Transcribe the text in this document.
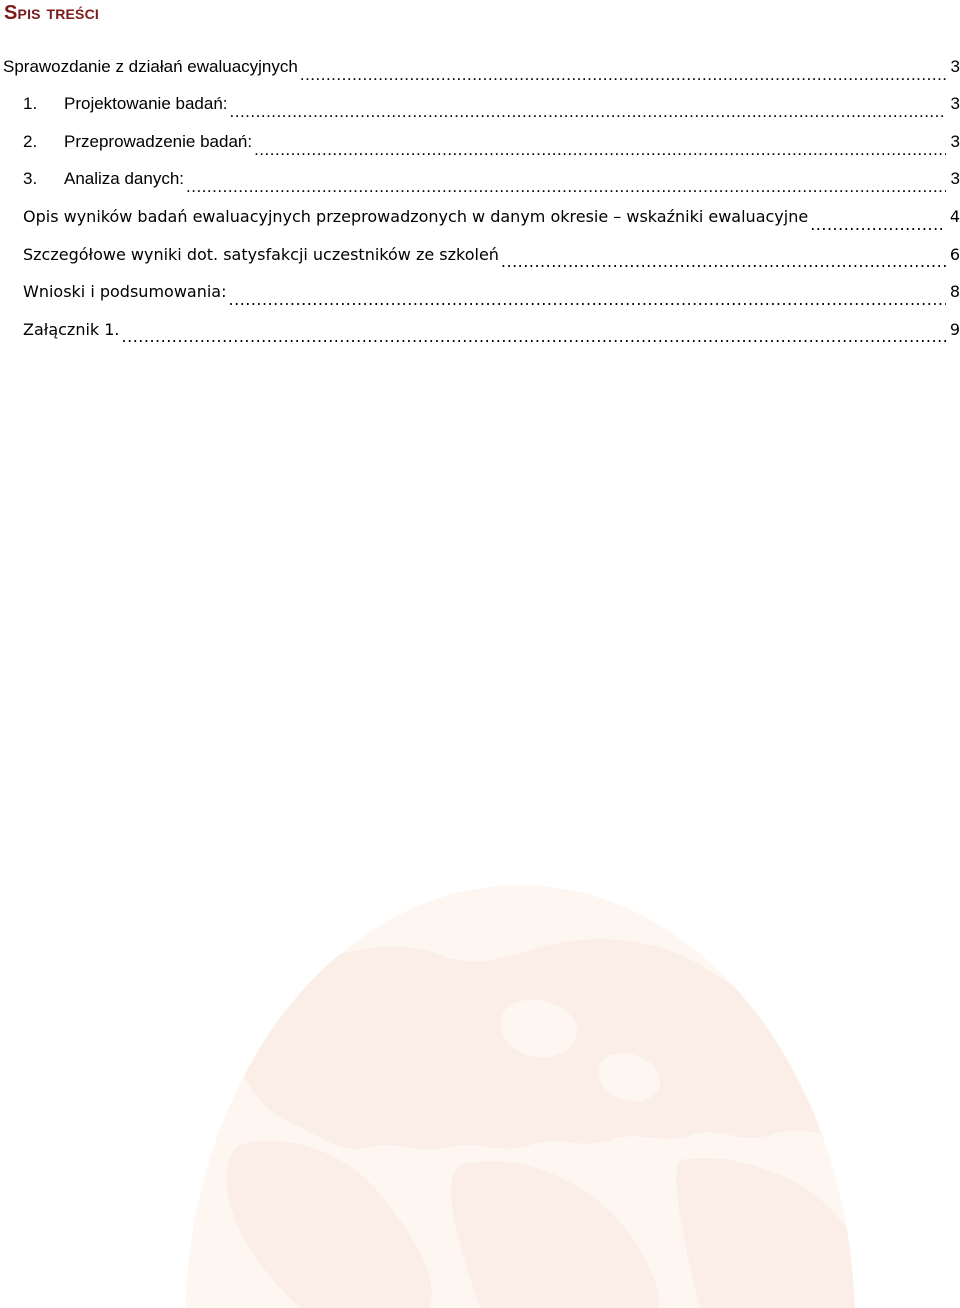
Spis treści
Sprawozdanie z działań ewaluacyjnych .....	3
1.	Projektowanie badań: .....	3
2.	Przeprowadzenie badań: .....	3
3.	Analiza danych: .....	3
Opis wyników badań ewaluacyjnych przeprowadzonych w danym okresie – wskaźniki ewaluacyjne .....	4
Szczegółowe wyniki dot. satysfakcji uczestników ze szkoleń .....	6
Wnioski i podsumowania: .....	8
Załącznik 1. .....	9
